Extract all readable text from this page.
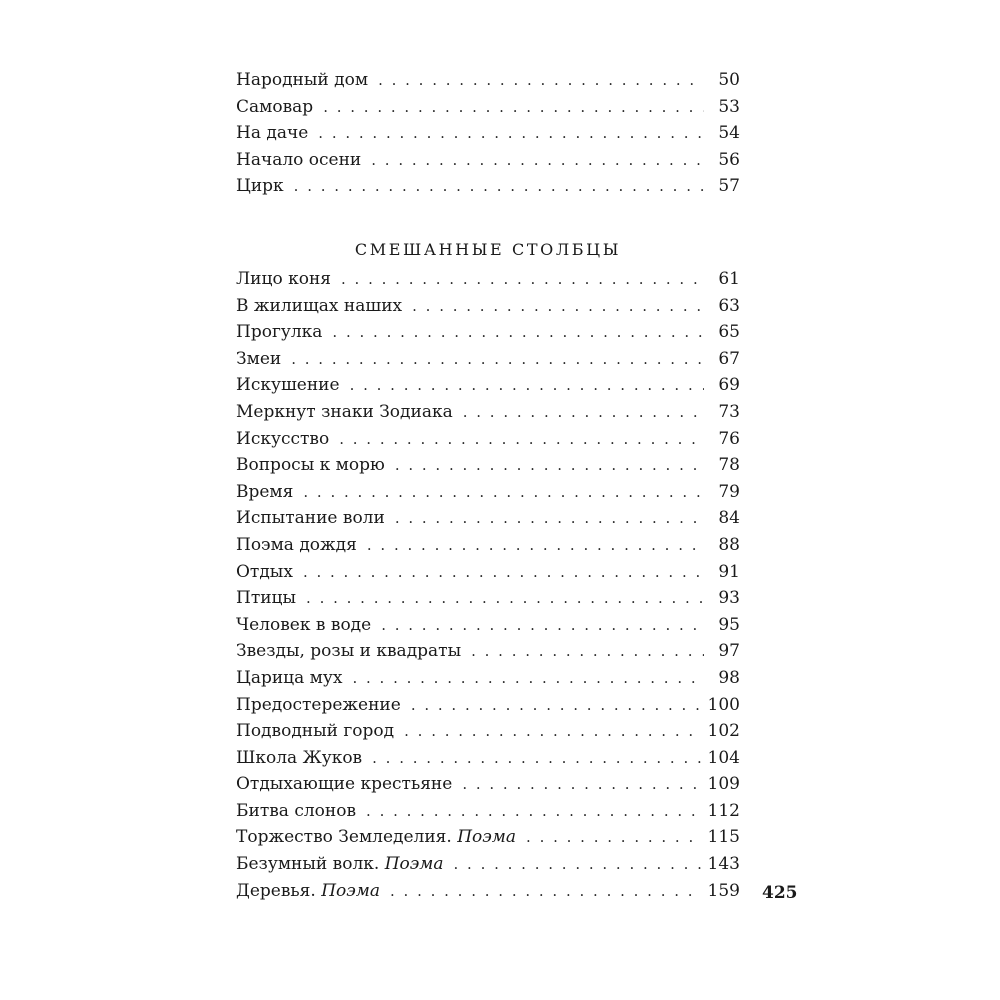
Народный дом . . .	50
Самовар . . .	53
На даче . . .	54
Начало осени . . .	56
Цирк . . .	57
СМЕШАННЫЕ СТОЛБЦЫ
Лицо коня . . .	61
В жилищах наших . . .	63
Прогулка . . .	65
Змеи . . .	67
Искушение . . .	69
Меркнут знаки Зодиака . . .	73
Искусство . . .	76
Вопросы к морю . . .	78
Время . . .	79
Испытание воли . . .	84
Поэма дождя . . .	88
Отдых . . .	91
Птицы . . .	93
Человек в воде . . .	95
Звезды, розы и квадраты . . .	97
Царица мух . . .	98
Предостережение . . .	100
Подводный город . . .	102
Школа Жуков . . .	104
Отдыхающие крестьяне . . .	109
Битва слонов . . .	112
Торжество Земледелия. Поэма . . .	115
Безумный волк. Поэма . . .	143
Деревья. Поэма . . .	159 425
